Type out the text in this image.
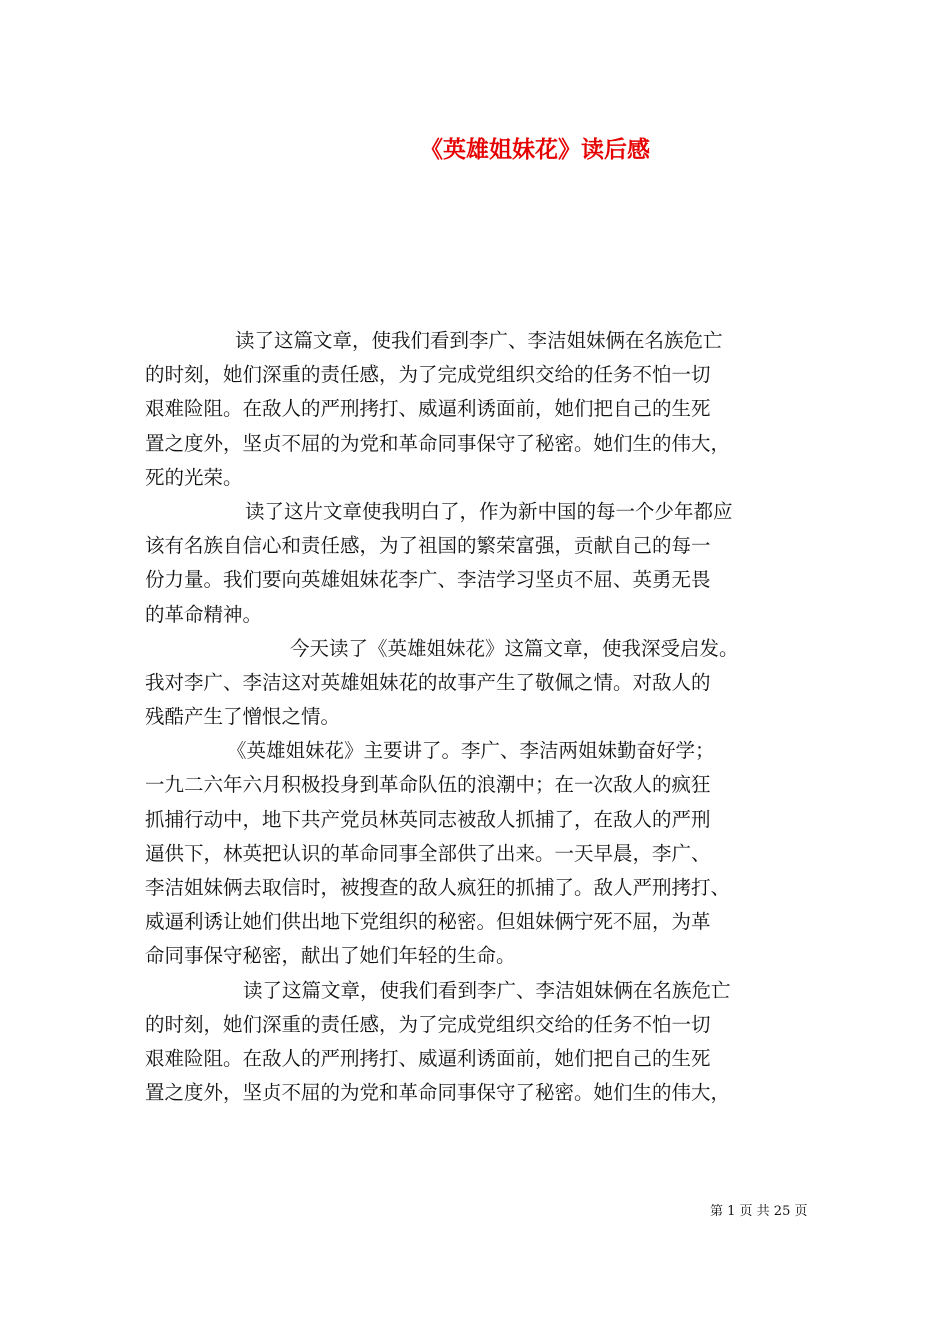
《英雄姐妹花》读后感
读了这篇文章，使我们看到李广、李洁姐妹俩在名族危亡
的时刻，她们深重的责任感，为了完成党组织交给的任务不怕一切
艰难险阻。在敌人的严刑拷打、威逼利诱面前，她们把自己的生死
置之度外，坚贞不屈的为党和革命同事保守了秘密。她们生的伟大，
死的光荣。
读了这片文章使我明白了，作为新中国的每一个少年都应
该有名族自信心和责任感，为了祖国的繁荣富强，贡献自己的每一
份力量。我们要向英雄姐妹花李广、李洁学习坚贞不屈、英勇无畏
的革命精神。
今天读了《英雄姐妹花》这篇文章，使我深受启发。
我对李广、李洁这对英雄姐妹花的故事产生了敬佩之情。对敌人的
残酷产生了憎恨之情。
《英雄姐妹花》主要讲了。李广、李洁两姐妹勤奋好学；
一九二六年六月积极投身到革命队伍的浪潮中；在一次敌人的疯狂
抓捕行动中，地下共产党员林英同志被敌人抓捕了，在敌人的严刑
逼供下，林英把认识的革命同事全部供了出来。一天早晨，李广、
李洁姐妹俩去取信时，被搜查的敌人疯狂的抓捕了。敌人严刑拷打、
威逼利诱让她们供出地下党组织的秘密。但姐妹俩宁死不屈，为革
命同事保守秘密，献出了她们年轻的生命。
读了这篇文章，使我们看到李广、李洁姐妹俩在名族危亡
的时刻，她们深重的责任感，为了完成党组织交给的任务不怕一切
艰难险阻。在敌人的严刑拷打、威逼利诱面前，她们把自己的生死
置之度外，坚贞不屈的为党和革命同事保守了秘密。她们生的伟大，
第 1 页 共 25 页
